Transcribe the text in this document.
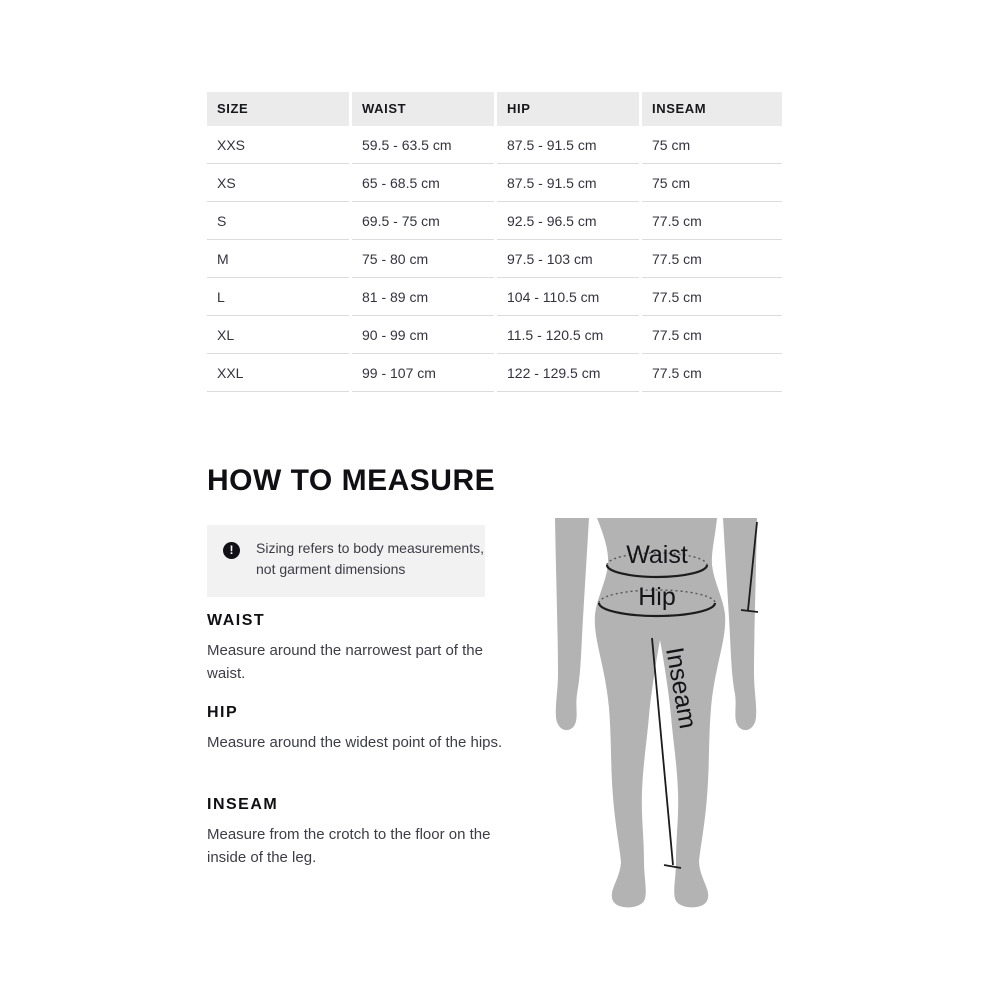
SIZE	WAIST	HIP	INSEAM
XXS	59.5 - 63.5 cm	87.5 - 91.5 cm	75 cm
XS	65 - 68.5 cm	87.5 - 91.5 cm	75 cm
S	69.5 - 75 cm	92.5 - 96.5 cm	77.5 cm
M	75 - 80 cm	97.5 - 103 cm	77.5 cm
L	81 - 89 cm	104 - 110.5 cm	77.5 cm
XL	90 - 99 cm	11.5 - 120.5 cm	77.5 cm
XXL	99 - 107 cm	122 - 129.5 cm	77.5 cm
HOW TO MEASURE
!	Sizing refers to body measurements,
not garment dimensions
WAIST
Measure around the narrowest part of the waist.
HIP
Measure around the widest point of the hips.
INSEAM
Measure from the crotch to the floor on the inside of the leg.
Waist
Hip
Inseam
